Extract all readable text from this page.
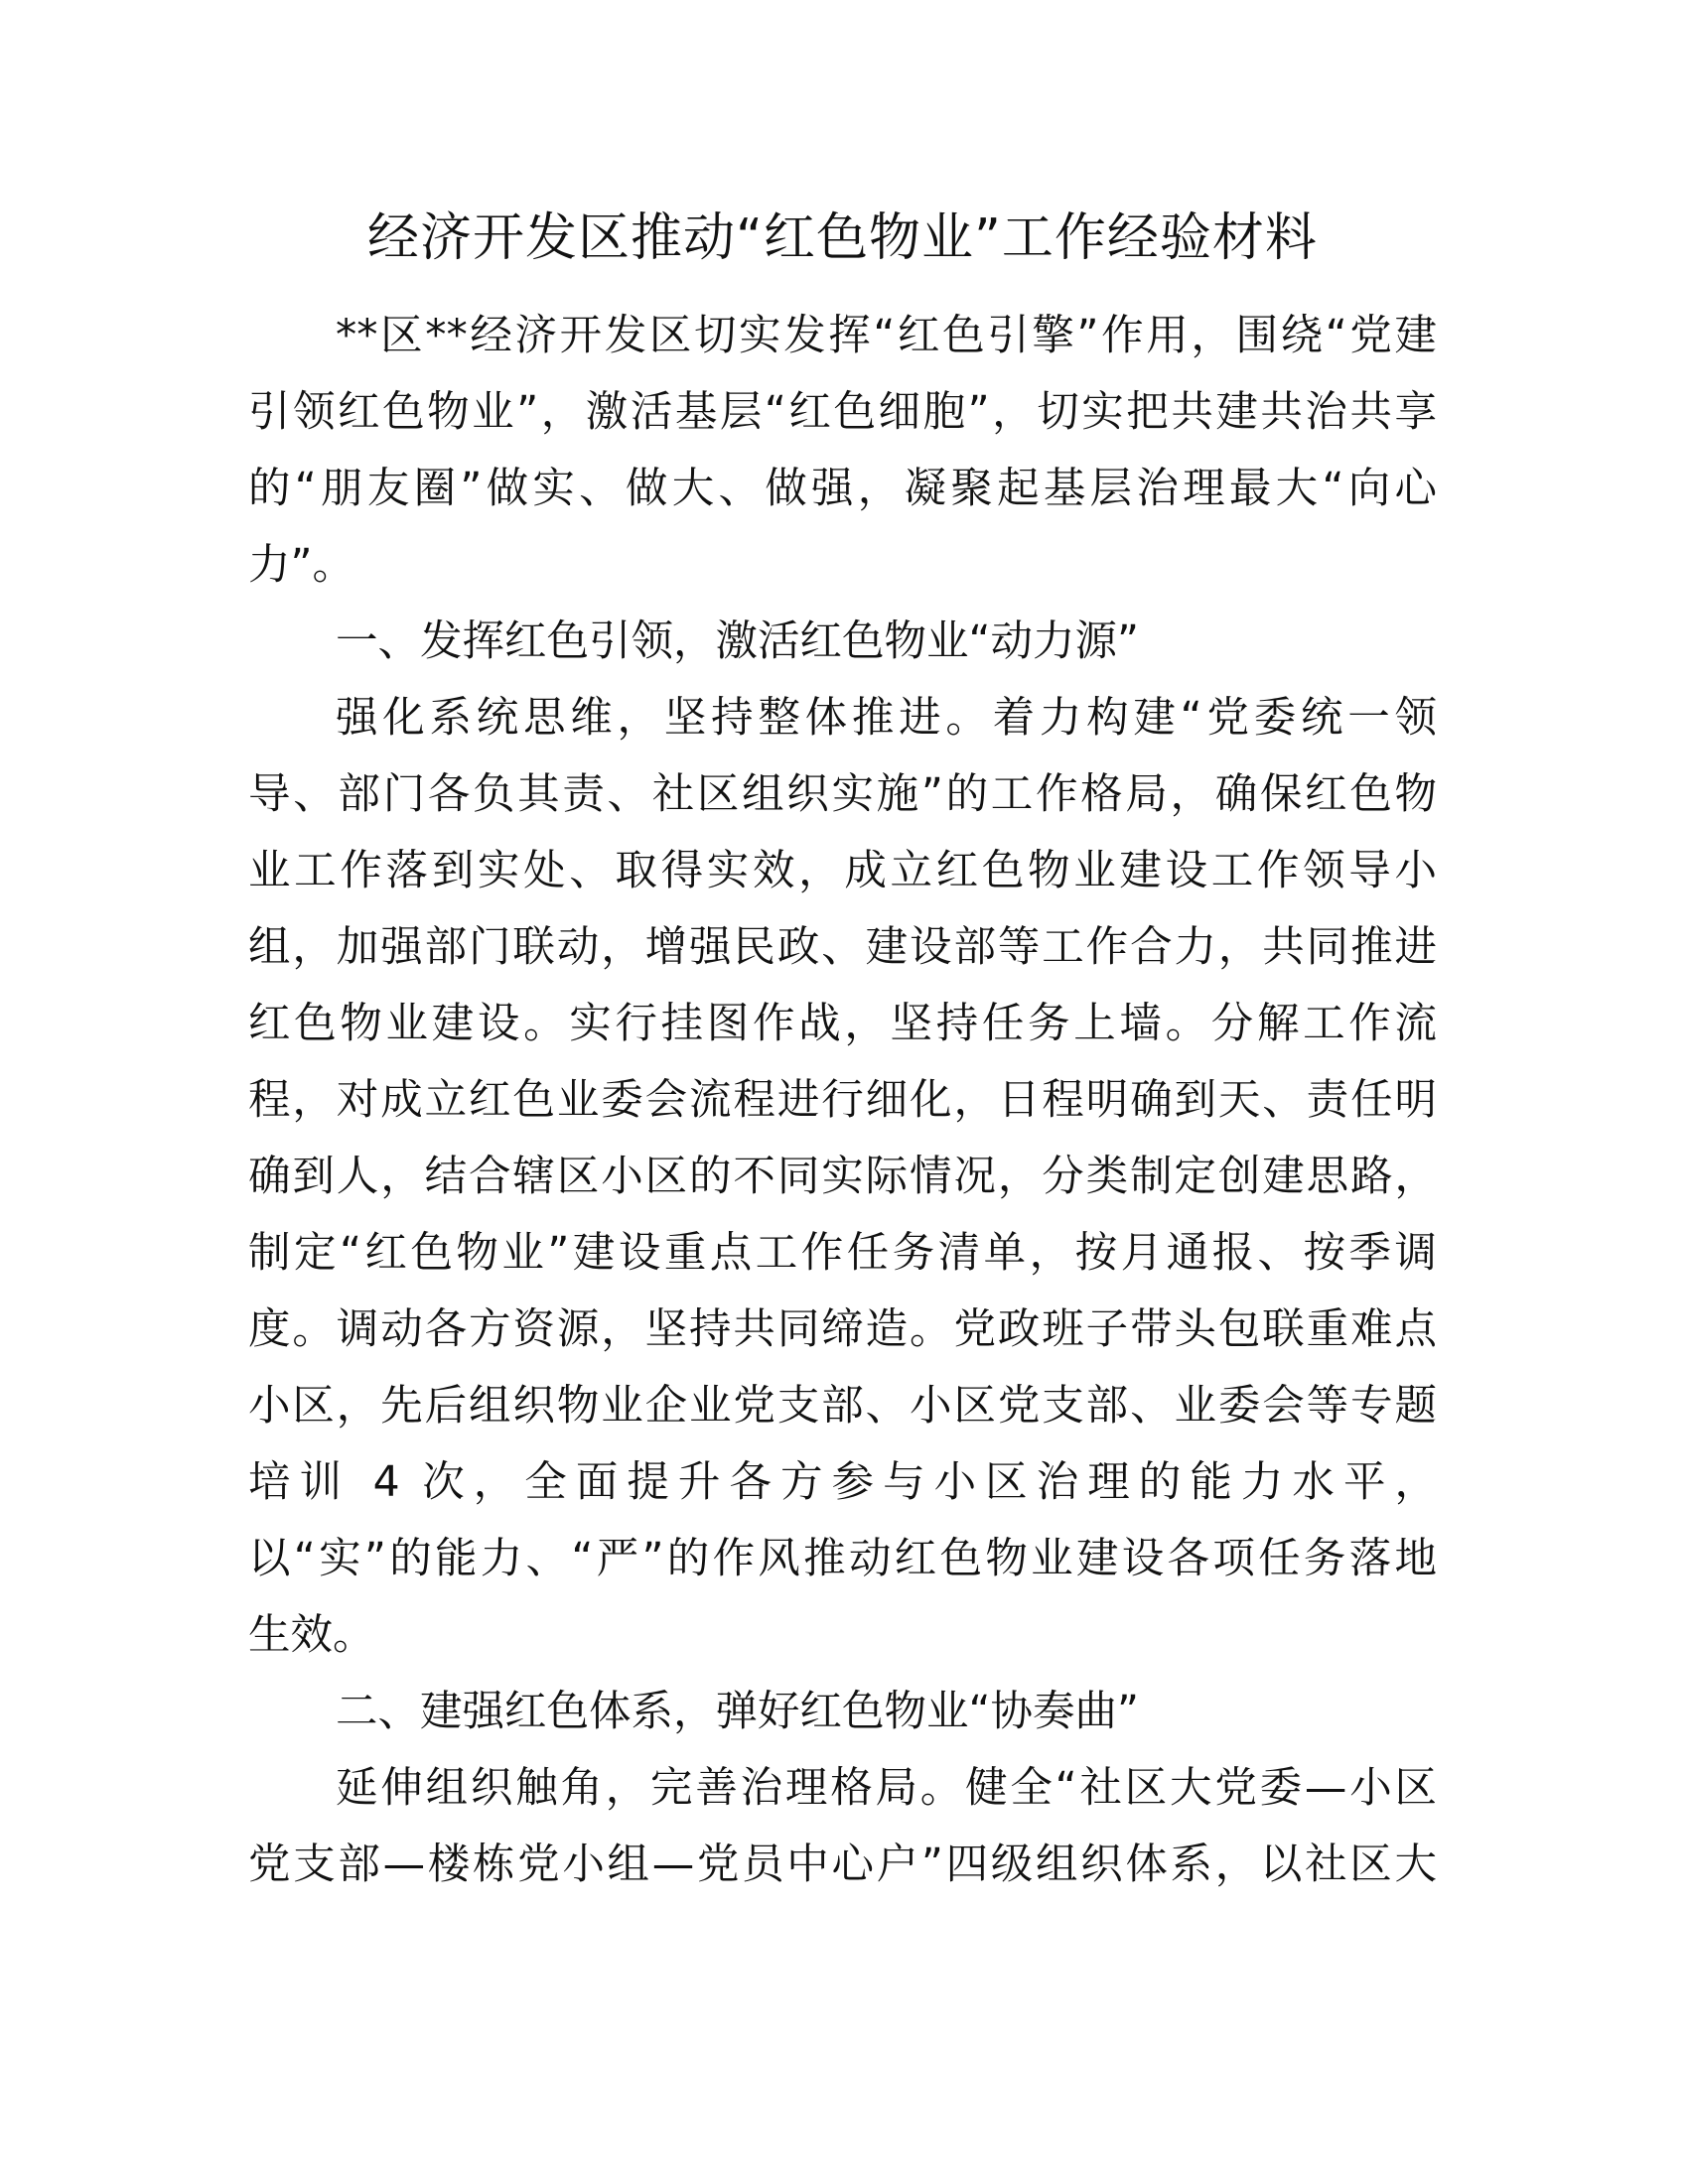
经济开发区推动“红色物业”工作经验材料
**区**经济开发区切实发挥“红色引擎”作用，围绕“党建
引领红色物业”，激活基层“红色细胞”，切实把共建共治共享
的“朋友圈”做实、做大、做强，凝聚起基层治理最大“向心
力”。
一、发挥红色引领，激活红色物业“动力源”
强化系统思维，坚持整体推进。着力构建“党委统一领
导、部门各负其责、社区组织实施”的工作格局，确保红色物
业工作落到实处、取得实效，成立红色物业建设工作领导小
组，加强部门联动，增强民政、建设部等工作合力，共同推进
红色物业建设。实行挂图作战，坚持任务上墙。分解工作流
程，对成立红色业委会流程进行细化，日程明确到天、责任明
确到人，结合辖区小区的不同实际情况，分类制定创建思路，
制定“红色物业”建设重点工作任务清单，按月通报、按季调
度。调动各方资源，坚持共同缔造。党政班子带头包联重难点
小区，先后组织物业企业党支部、小区党支部、业委会等专题
培训 4 次，全面提升各方参与小区治理的能力水平，
以“实”的能力、“严”的作风推动红色物业建设各项任务落地
生效。
二、建强红色体系，弹好红色物业“协奏曲”
延伸组织触角，完善治理格局。健全“社区大党委—小区
党支部—楼栋党小组—党员中心户”四级组织体系，以社区大
